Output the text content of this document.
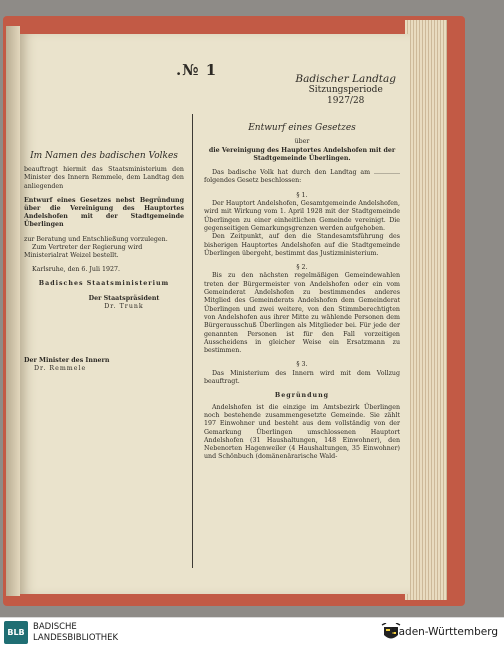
.№ 1	Badischer Landtag
Sitzungsperiode
1927/28
Im Namen des badischen Volkes

beauftragt hiermit das Staatsministerium den Minister des Innern Remmele, dem Landtag den anliegenden

Entwurf eines Gesetzes nebst Begründung über die Vereinigung des Hauptortes Andelshofen mit der Stadtgemeinde Überlingen

zur Beratung und Entschließung vorzulegen.

Zum Vertreter der Regierung wird Ministerialrat Weizel bestellt.

Karlsruhe, den 6. Juli 1927.

Badisches Staatsministerium

Der Staatspräsident

Dr. Trunk

Der Minister des Innern

Dr. Remmele

Entwurf eines Gesetzes

über

die Vereinigung des Hauptortes Andelshofen mit der Stadtgemeinde Überlingen.

Das badische Volk hat durch den Landtag am ............. folgendes Gesetz beschlossen:

§ 1.

Der Hauptort Andelshofen, Gesamtgemeinde Andelshofen, wird mit Wirkung vom 1. April 1928 mit der Stadtgemeinde Überlingen zu einer einheitlichen Gemeinde vereinigt. Die gegenseitigen Gemarkungsgrenzen werden aufgehoben.

Den Zeitpunkt, auf den die Standesamtsführung des bisherigen Hauptortes Andelshofen auf die Stadtgemeinde Überlingen übergeht, bestimmt das Justizministerium.

§ 2.

Bis zu den nächsten regelmäßigen Gemeindewahlen treten der Bürgermeister von Andelshofen oder ein vom Gemeinderat Andelshofen zu bestimmendes anderes Mitglied des Gemeinderats Andelshofen dem Gemeinderat Überlingen und zwei weitere, von den Stimmberechtigten von Andelshofen aus ihrer Mitte zu wählende Personen dem Bürgerausschuß Überlingen als Mitglieder bei. Für jede der genannten Personen ist für den Fall vorzeitigen Ausscheidens in gleicher Weise ein Ersatzmann zu bestimmen.

§ 3.

Das Ministerium des Innern wird mit dem Vollzug beauftragt.

Begründung

Andelshofen ist die einzige im Amtsbezirk Überlingen noch bestehende zusammengesetzte Gemeinde. Sie zählt 197 Einwohner und besteht aus dem vollständig von der Gemarkung Überlingen umschlossenen Hauptort Andelshofen (31 Haushaltungen, 148 Einwohner), den Nebenorten Hagenweiler (4 Haushaltungen, 35 Einwohner) und Schönbuch (domänenärarische Wald-

BLB
BADISCHE
LANDESBIBLIOTHEK	Baden-Württemberg
